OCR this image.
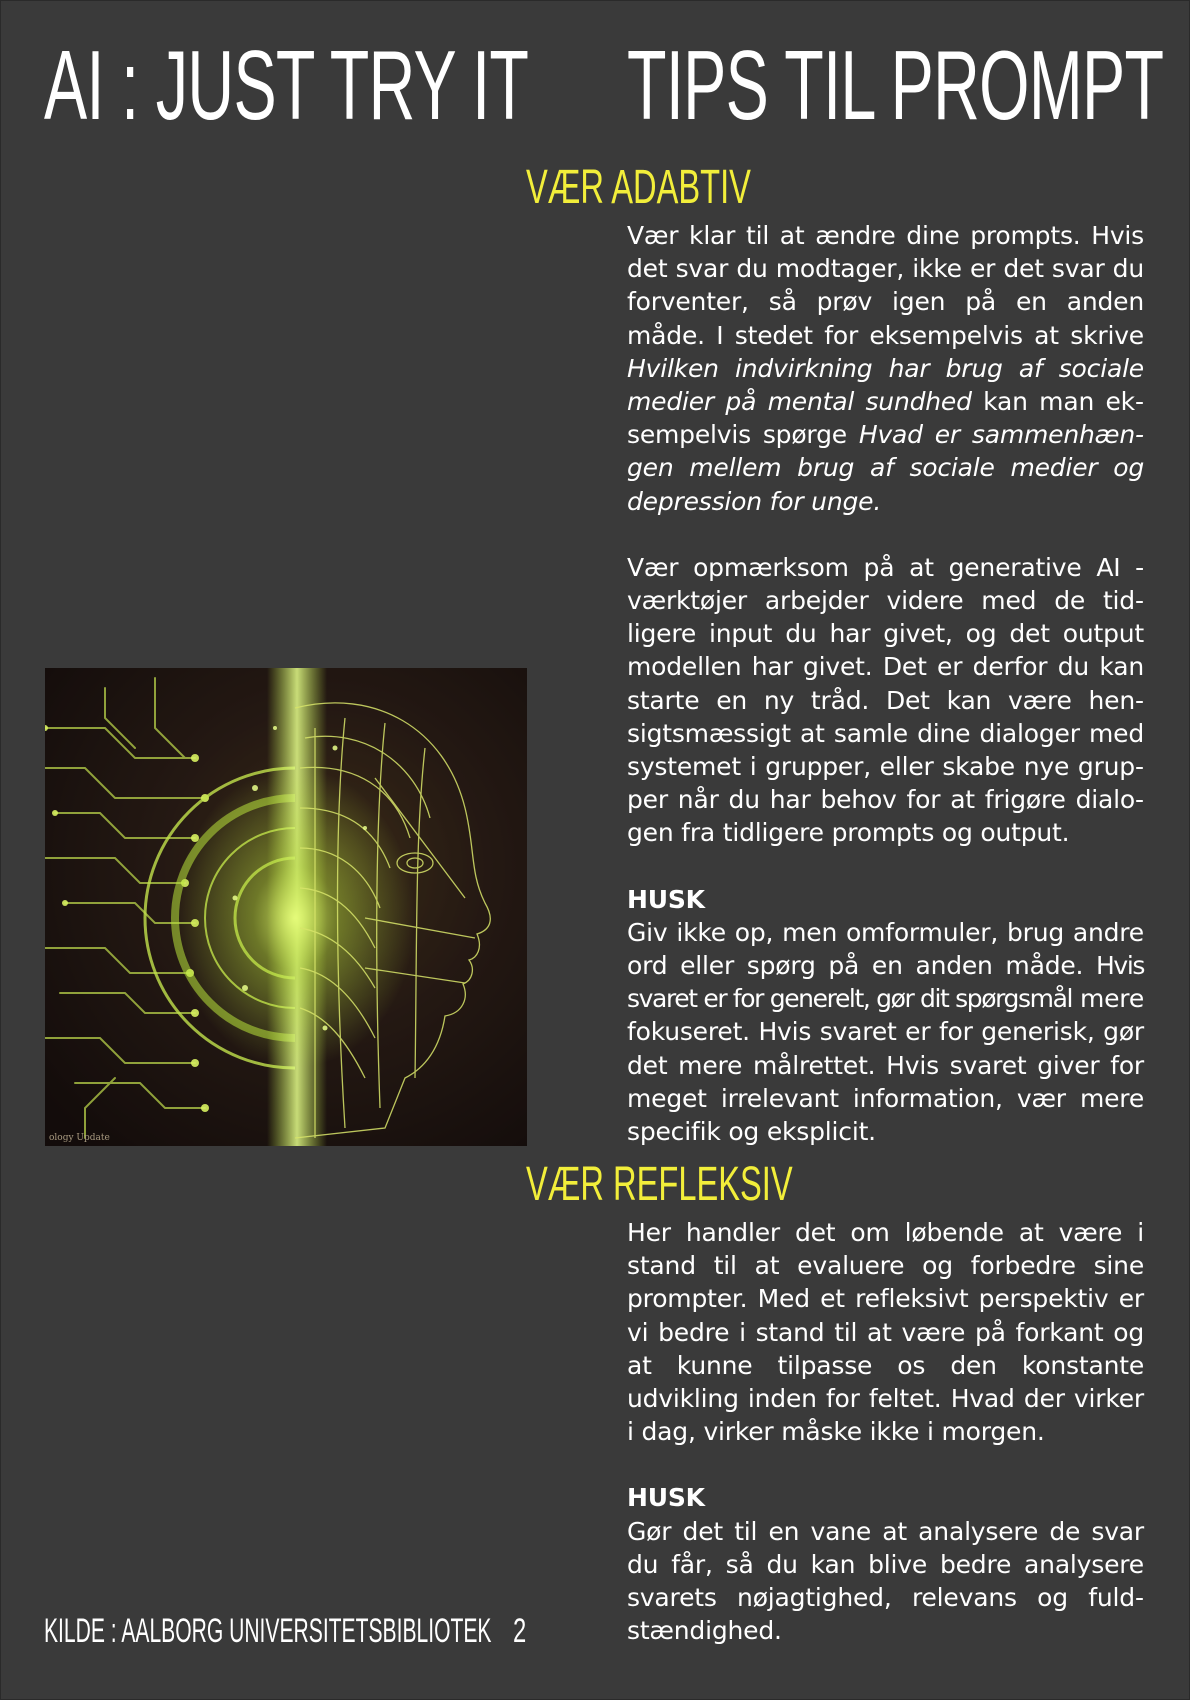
AI : JUST TRY IT TIPS TIL PROMPT
VÆR ADABTIV

Vær klar til at ændre dine prompts. Hvis det svar du modtager, ikke er det svar du forventer, så prøv igen på en anden måde. I stedet for eksempelvis at skrive Hvilken indvirkning har brug af sociale medier på mental sundhed kan man eksempelvis spørge Hvad er sammenhængen mellem brug af sociale medier og depression for unge.

Vær opmærksom på at generative AI -værktøjer arbejder videre med de tidligere input du har givet, og det output modellen har givet. Det er derfor du kan starte en ny tråd. Det kan være hensigtsmæssigt at samle dine dialoger med systemet i grupper, eller skabe nye grupper når du har behov for at frigøre dialogen fra tidligere prompts og output.

HUSK

Giv ikke op, men omformuler, brug andre ord eller spørg på en anden måde. Hvis svaret er for generelt, gør dit spørgsmål mere fokuseret. Hvis svaret er for generisk, gør det mere målrettet. Hvis svaret giver for meget irrelevant information, vær mere specifik og eksplicit.

ology Update
VÆR REFLEKSIV

Her handler det om løbende at være i stand til at evaluere og forbedre sine prompter. Med et refleksivt perspektiv er vi bedre i stand til at være på forkant og at kunne tilpasse os den konstante udvikling inden for feltet. Hvad der virker i dag, virker måske ikke i morgen.

HUSK

Gør det til en vane at analysere de svar du får, så du kan blive bedre analysere svarets nøjagtighed, relevans og fuldstændighed.

KILDE : AALBORG UNIVERSITETSBIBLIOTEK 2
